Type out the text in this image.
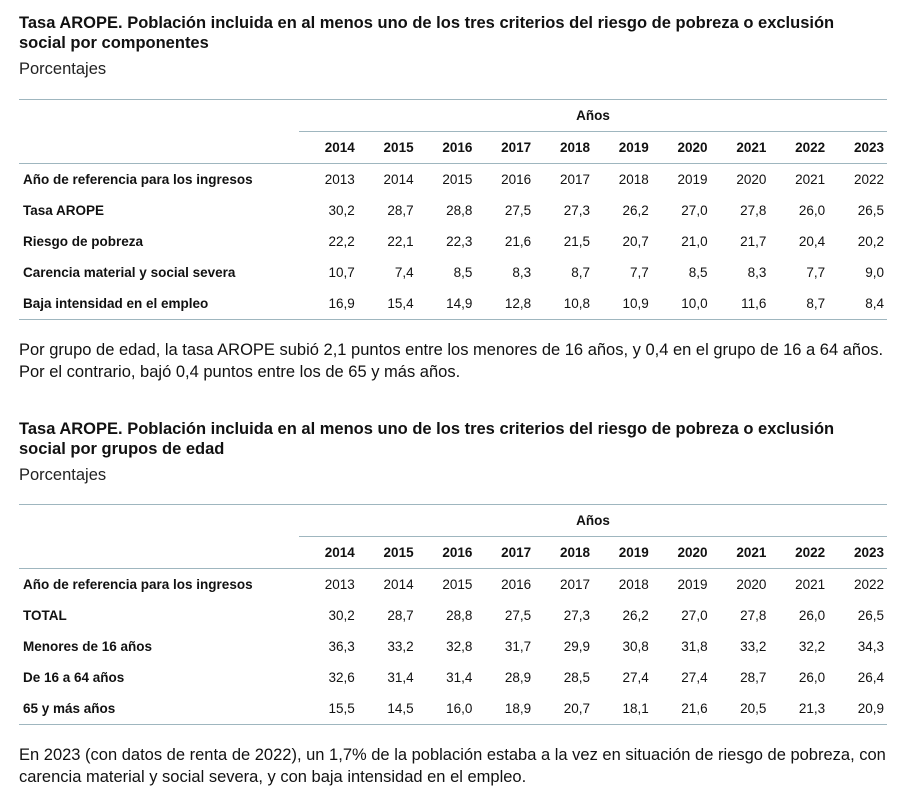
Tasa AROPE. Población incluida en al menos uno de los tres criterios del riesgo de pobreza o exclusión social por componentes
Porcentajes
	Años									
	2014	2015	2016	2017	2018	2019	2020	2021	2022	2023
Año de referencia para los ingresos	2013	2014	2015	2016	2017	2018	2019	2020	2021	2022
Tasa AROPE	30,2	28,7	28,8	27,5	27,3	26,2	27,0	27,8	26,0	26,5
Riesgo de pobreza	22,2	22,1	22,3	21,6	21,5	20,7	21,0	21,7	20,4	20,2
Carencia material y social severa	10,7	7,4	8,5	8,3	8,7	7,7	8,5	8,3	7,7	9,0
Baja intensidad en el empleo	16,9	15,4	14,9	12,8	10,8	10,9	10,0	11,6	8,7	8,4
Por grupo de edad, la tasa AROPE subió 2,1 puntos entre los menores de 16 años, y 0,4 en el grupo de 16 a 64 años. Por el contrario, bajó 0,4 puntos entre los de 65 y más años.
Tasa AROPE. Población incluida en al menos uno de los tres criterios del riesgo de pobreza o exclusión social por grupos de edad
Porcentajes
	Años									
	2014	2015	2016	2017	2018	2019	2020	2021	2022	2023
Año de referencia para los ingresos	2013	2014	2015	2016	2017	2018	2019	2020	2021	2022
TOTAL	30,2	28,7	28,8	27,5	27,3	26,2	27,0	27,8	26,0	26,5
Menores de 16 años	36,3	33,2	32,8	31,7	29,9	30,8	31,8	33,2	32,2	34,3
De 16 a 64 años	32,6	31,4	31,4	28,9	28,5	27,4	27,4	28,7	26,0	26,4
65 y más años	15,5	14,5	16,0	18,9	20,7	18,1	21,6	20,5	21,3	20,9
En 2023 (con datos de renta de 2022), un 1,7% de la población estaba a la vez en situación de riesgo de pobreza, con carencia material y social severa, y con baja intensidad en el empleo.
